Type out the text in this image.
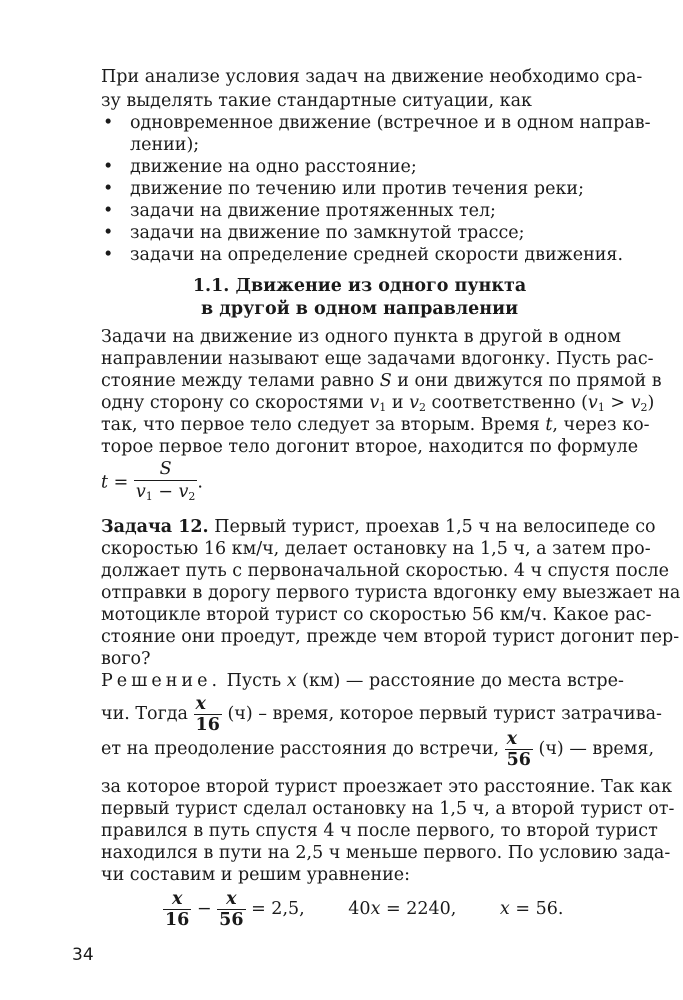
При анализе условия задач на движение необходимо сра-
зу выделять такие стандартные ситуации, как
• одновременное движение (встречное и в одном направ-
лении);
• движение на одно расстояние;
• движение по течению или против течения реки;
• задачи на движение протяженных тел;
• задачи на движение по замкнутой трассе;
• задачи на определение средней скорости движения.
1.1. Движение из одного пункта
в другой в одном направлении
Задачи на движение из одного пункта в другой в одном
направлении называют еще задачами вдогонку. Пусть рас-
стояние между телами равно S и они движутся по прямой в
одну сторону со скоростями $v_1$ и $v_2$ соответственно $(v_1 > v_2)$
так, что первое тело следует за вторым. Время t, через ко-
торое первое тело догонит второе, находится по формуле
$t = \frac{S}{v_1 - v_2}$ .
Задача 12. Первый турист, проехав 1,5 ч на велосипеде со
скоростью 16 км/ч, делает остановку на 1,5 ч, а затем про-
должает путь с первоначальной скоростью. 4 ч спустя после
отправки в дорогу первого туриста вдогонку ему выезжает на
мотоцикле второй турист со скоростью 56 км/ч. Какое рас-
стояние они проедут, прежде чем второй турист догонит пер-
вого?
Решение. Пусть x (км) — расстояние до места встре-
чи. Тогда $\frac{x}{16} (ч)$ – время, которое первый турист затрачива-
ет на преодоление расстояния до встречи, $\frac{x}{56} (ч)$ — время,
за которое второй турист проезжает это расстояние. Так как
первый турист сделал остановку на 1,5 ч, а второй турист от-
правился в путь спустя 4 ч после первого, то второй турист
находился в пути на 2,5 ч меньше первого. По условию зада-
чи составим и решим уравнение:
$\frac{x}{16} - \frac{x}{56} = 2,5$, 40x = 2240, x = 56.
34
